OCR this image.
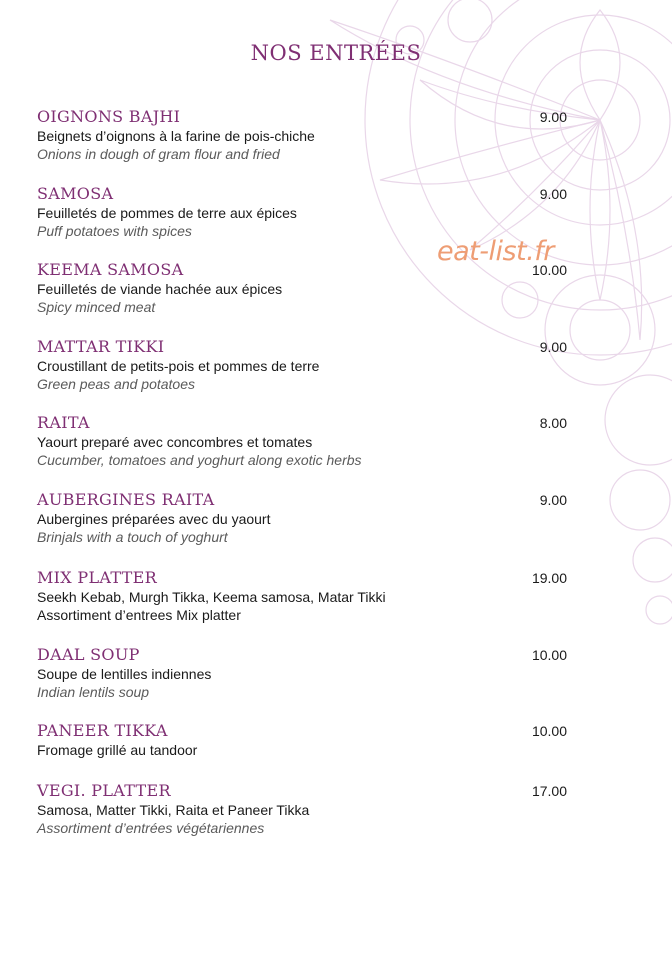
NOS ENTRÉES
eat-list.fr
OIGNONS BAJHI
Beignets d’oignons à la farine de pois-chiche
Onions in dough of gram flour and fried
9.00
SAMOSA
Feuilletés de pommes de terre aux épices
Puff potatoes with spices
9.00
KEEMA SAMOSA
Feuilletés de viande hachée aux épices
Spicy minced meat
10.00
MATTAR TIKKI
Croustillant de petits-pois et pommes de terre
Green peas and potatoes
9.00
RAITA
Yaourt preparé avec concombres et tomates
Cucumber, tomatoes and yoghurt along exotic herbs
8.00
AUBERGINES RAITA
Aubergines préparées avec du yaourt
Brinjals with a touch of yoghurt
9.00
MIX PLATTER
Seekh Kebab, Murgh Tikka, Keema samosa, Matar Tikki
Assortiment d’entrees Mix platter
19.00
DAAL SOUP
Soupe de lentilles indiennes
Indian lentils soup
10.00
PANEER TIKKA
Fromage grillé au tandoor
10.00
VEGI. PLATTER
Samosa, Matter Tikki, Raita et Paneer Tikka
Assortiment d’entrées végétariennes
17.00
